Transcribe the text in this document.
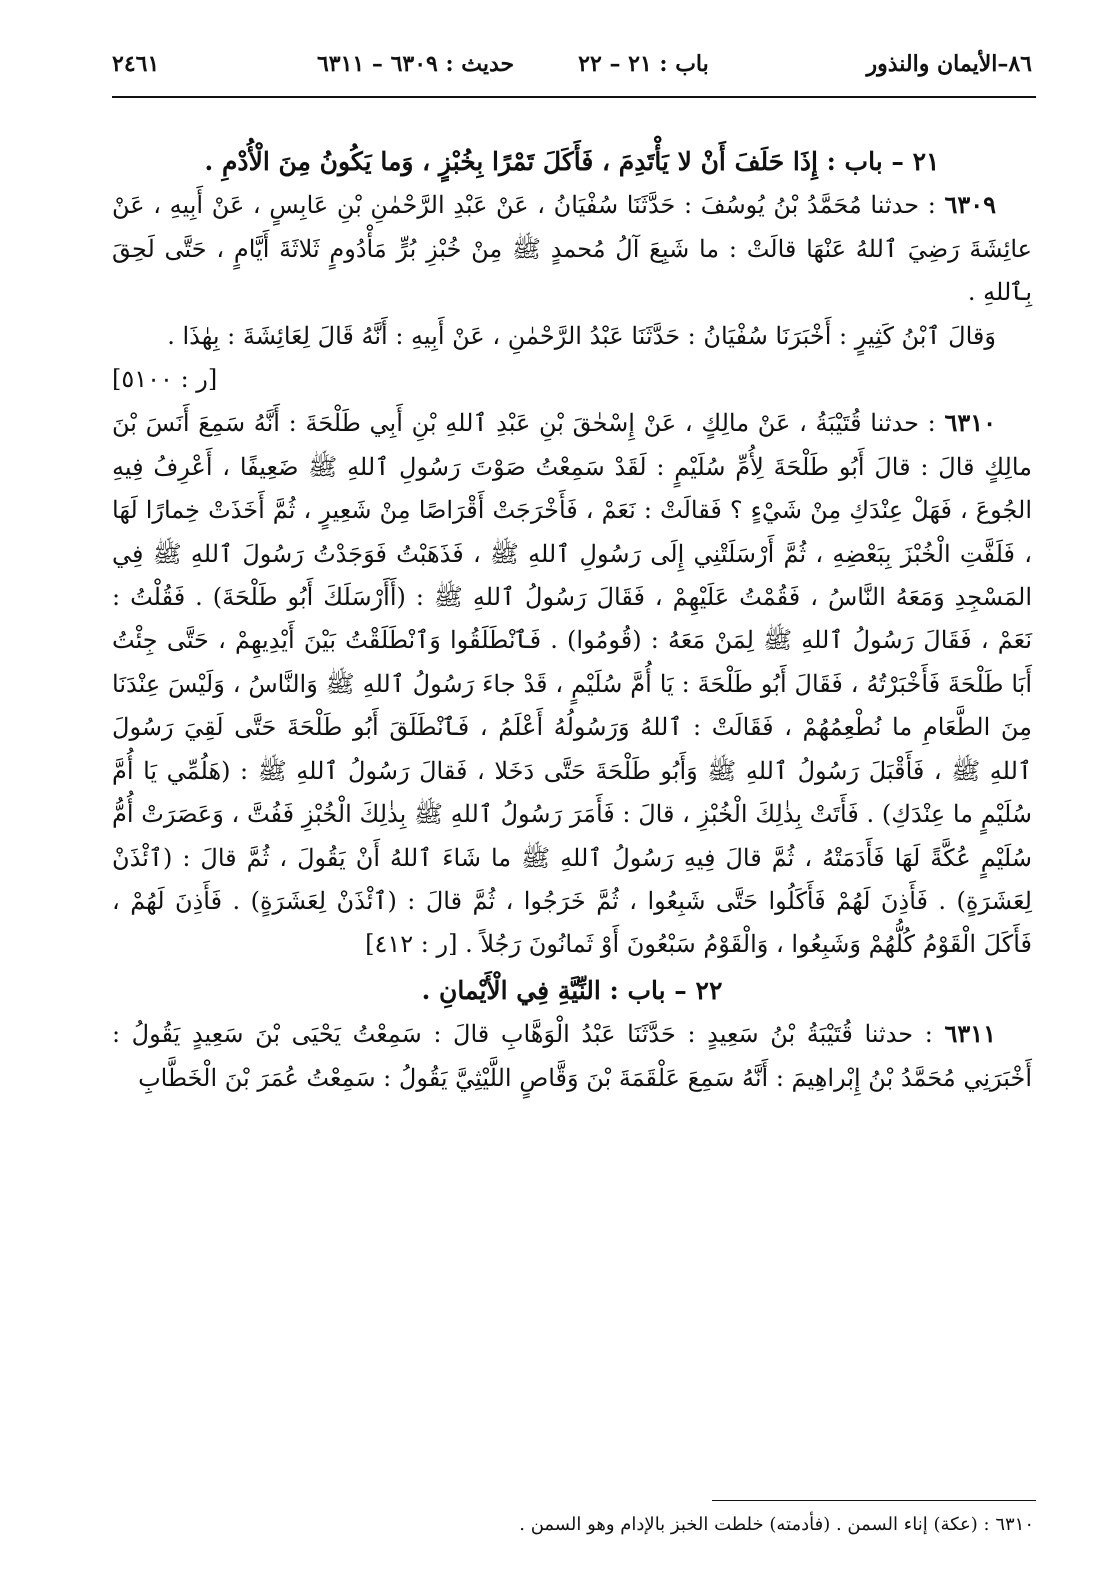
٨٦–الأيمان والنذور
باب : ٢١ – ٢٢
حديث : ٦٣٠٩ – ٦٣١١
٢٤٦١

٢١ – باب : إِذَا حَلَفَ أَنْ لا يَأْتَدِمَ ، فَأَكَلَ تَمْرًا بِخُبْزٍ ، وَما يَكُونُ مِنَ الْأُدْمِ .

٦٣٠٩ : حدثنا مُحَمَّدُ بْنُ يُوسُفَ : حَدَّثَنَا سُفْيَانُ ، عَنْ عَبْدِ الرَّحْمٰنِ بْنِ عَابِسٍ ، عَنْ أَبِيهِ ، عَنْ عائِشَةَ رَضِيَ ٱللهُ عَنْهَا قالَتْ : ما شَبِعَ آلُ مُحمدٍ ﷺ مِنْ خُبْزِ بُرٍّ مَأْدُومٍ ثَلاثَةَ أَيَّامٍ ، حَتَّى لَحِقَ بِٱللهِ .

وَقالَ ٱبْنُ كَثِيرٍ : أَخْبَرَنَا سُفْيَانُ : حَدَّثَنَا عَبْدُ الرَّحْمٰنِ ، عَنْ أَبِيهِ : أَنَّهُ قَالَ لِعَائِشَةَ : بِهٰذَا .

[ر : ٥١٠٠]

٦٣١٠ : حدثنا قُتَيْبَةُ ، عَنْ مالِكٍ ، عَنْ إِسْحٰقَ بْنِ عَبْدِ ٱللهِ بْنِ أَبِي طَلْحَةَ : أَنَّهُ سَمِعَ أَنَسَ بْنَ مالِكٍ قالَ : قالَ أَبُو طَلْحَةَ لِأُمِّ سُلَيْمٍ : لَقَدْ سَمِعْتُ صَوْتَ رَسُولِ ٱللهِ ﷺ ضَعِيفًا ، أَعْرِفُ فِيهِ الجُوعَ ، فَهَلْ عِنْدَكِ مِنْ شَيْءٍ ؟ فَقالَتْ : نَعَمْ ، فَأَخْرَجَتْ أَقْرَاصًا مِنْ شَعِيرٍ ، ثُمَّ أَخَذَتْ خِمارًا لَهَا ، فَلَفَّتِ الْخُبْزَ بِبَعْضِهِ ، ثُمَّ أَرْسَلَتْنِي إِلَى رَسُولِ ٱللهِ ﷺ ، فَذَهَبْتُ فَوَجَدْتُ رَسُولَ ٱللهِ ﷺ فِي المَسْجِدِ وَمَعَهُ النَّاسُ ، فَقُمْتُ عَلَيْهِمْ ، فَقَالَ رَسُولُ ٱللهِ ﷺ : (أَأَرْسَلَكَ أَبُو طَلْحَةَ) . فَقُلْتُ : نَعَمْ ، فَقَالَ رَسُولُ ٱللهِ ﷺ لِمَنْ مَعَهُ : (قُومُوا) . فَٱنْطَلَقُوا وَٱنْطَلَقْتُ بَيْنَ أَيْدِيهِمْ ، حَتَّى جِئْتُ أَبَا طَلْحَةَ فَأَخْبَرْتُهُ ، فَقَالَ أَبُو طَلْحَةَ : يَا أُمَّ سُلَيْمٍ ، قَدْ جاءَ رَسُولُ ٱللهِ ﷺ وَالنَّاسُ ، وَلَيْسَ عِنْدَنَا مِنَ الطَّعَامِ ما نُطْعِمُهُمْ ، فَقَالَتْ : ٱللهُ وَرَسُولُهُ أَعْلَمُ ، فَٱنْطَلَقَ أَبُو طَلْحَةَ حَتَّى لَقِيَ رَسُولَ ٱللهِ ﷺ ، فَأَقْبَلَ رَسُولُ ٱللهِ ﷺ وَأَبُو طَلْحَةَ حَتَّى دَخَلا ، فَقالَ رَسُولُ ٱللهِ ﷺ : (هَلُمِّي يَا أُمَّ سُلَيْمٍ ما عِنْدَكِ) . فَأَتَتْ بِذٰلِكَ الْخُبْزِ ، قالَ : فَأَمَرَ رَسُولُ ٱللهِ ﷺ بِذٰلِكَ الْخُبْزِ فَفُتَّ ، وَعَصَرَتْ أُمُّ سُلَيْمٍ عُكَّةً لَهَا فَأَدَمَتْهُ ، ثُمَّ قالَ فِيهِ رَسُولُ ٱللهِ ﷺ ما شَاءَ ٱللهُ أَنْ يَقُولَ ، ثُمَّ قالَ : (ٱئْذَنْ لِعَشَرَةٍ) . فَأَذِنَ لَهُمْ فَأَكَلُوا حَتَّى شَبِعُوا ، ثُمَّ خَرَجُوا ، ثُمَّ قالَ : (ٱئْذَنْ لِعَشَرَةٍ) . فَأَذِنَ لَهُمْ ، فَأَكَلَ الْقَوْمُ كُلُّهُمْ وَشَبِعُوا ، وَالْقَوْمُ سَبْعُونَ أَوْ ثَمانُونَ رَجُلاً . [ر : ٤١٢]

٢٢ – باب : النِّيَّةِ فِي الْأَيْمانِ .

٦٣١١ : حدثنا قُتَيْبَةُ بْنُ سَعِيدٍ : حَدَّثَنَا عَبْدُ الْوَهَّابِ قالَ : سَمِعْتُ يَحْيَى بْنَ سَعِيدٍ يَقُولُ : أَخْبَرَنِي مُحَمَّدُ بْنُ إِبْراهِيمَ : أَنَّهُ سَمِعَ عَلْقَمَةَ بْنَ وَقَّاصٍ اللَّيْثِيَّ يَقُولُ : سَمِعْتُ عُمَرَ بْنَ الْخَطَّابِ

٦٣١٠ : (عكة) إناء السمن . (فأدمته) خلطت الخبز بالإدام وهو السمن .
